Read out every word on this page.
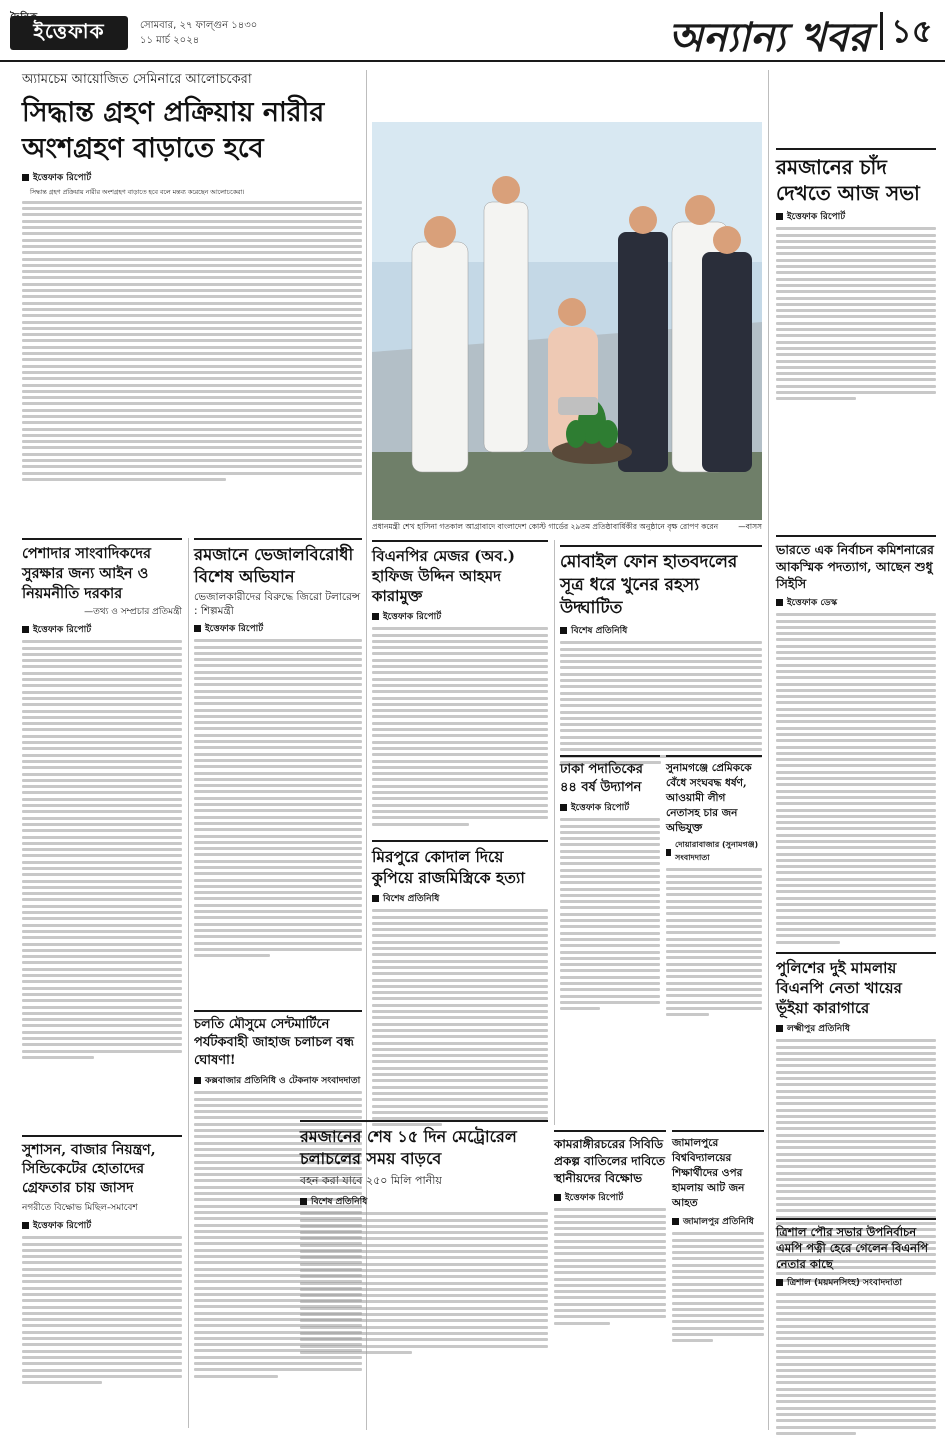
ইত্তেফাক	সোমবার, ২৭ ফাল্গুন ১৪৩০
১১ মার্চ ২০২৪	অন্যান্য খবর ১৫
অ্যামচেম আয়োজিত সেমিনারে আলোচকেরা
সিদ্ধান্ত গ্রহণ প্রক্রিয়ায় নারীর অংশগ্রহণ বাড়াতে হবে
ইত্তেফাক রিপোর্ট

সিদ্ধান্ত গ্রহণ প্রক্রিয়ায় নারীর অংশগ্রহণ বাড়াতে হবে বলে মন্তব্য করেছেন আলোচকেরা।

প্রধানমন্ত্রী শেখ হাসিনা গতকাল আগ্রাবাদে বাংলাদেশ কোস্ট গার্ডের ২৯তম প্রতিষ্ঠাবার্ষিকীর অনুষ্ঠানে বৃক্ষ রোপণ করেন	—বাসস
রমজানের চাঁদ দেখতে আজ সভা
ইত্তেফাক রিপোর্ট
ভারতে এক নির্বাচন কমিশনারের আকস্মিক পদত্যাগ, আছেন শুধু সিইসি
ইত্তেফাক ডেস্ক
পুলিশের দুই মামলায় বিএনপি নেতা খায়ের ভূঁইয়া কারাগারে
লক্ষ্মীপুর প্রতিনিধি
ত্রিশাল পৌর সভার উপনির্বাচন এমপি পত্নী হেরে গেলেন বিএনপি নেতার কাছে
ত্রিশাল (ময়মনসিংহ) সংবাদদাতা
পেশাদার সাংবাদিকদের সুরক্ষার জন্য আইন ও নিয়মনীতি দরকার
—তথ্য ও সম্প্রচার প্রতিমন্ত্রী
ইত্তেফাক রিপোর্ট
সুশাসন, বাজার নিয়ন্ত্রণ, সিন্ডিকেটের হোতাদের গ্রেফতার চায় জাসদ
নগরীতে বিক্ষোভ মিছিল-সমাবেশ
ইত্তেফাক রিপোর্ট
রমজানে ভেজালবিরোধী বিশেষ অভিযান
ভেজালকারীদের বিরুদ্ধে জিরো টলারেন্স : শিল্পমন্ত্রী
ইত্তেফাক রিপোর্ট
চলতি মৌসুমে সেন্টমার্টিনে পর্যটকবাহী জাহাজ চলাচল বন্ধ ঘোষণা!
কক্সবাজার প্রতিনিধি ও টেকনাফ সংবাদদাতা
বিএনপির মেজর (অব.) হাফিজ উদ্দিন আহমদ কারামুক্ত
ইত্তেফাক রিপোর্ট
মিরপুরে কোদাল দিয়ে কুপিয়ে রাজমিস্ত্রিকে হত্যা
বিশেষ প্রতিনিধি
রমজানের শেষ ১৫ দিন মেট্রোরেল চলাচলের সময় বাড়বে
বহন করা যাবে ২৫০ মিলি পানীয়
বিশেষ প্রতিনিধি
মোবাইল ফোন হাতবদলের সূত্র ধরে খুনের রহস্য উদ্ঘাটিত
বিশেষ প্রতিনিধি
ঢাকা পদাতিকের ৪৪ বর্ষ উদ্যাপন
ইত্তেফাক রিপোর্ট
সুনামগঞ্জে প্রেমিককে বেঁধে সংঘবদ্ধ ধর্ষণ, আওয়ামী লীগ নেতাসহ চার জন অভিযুক্ত
দোয়ারাবাজার (সুনামগঞ্জ) সংবাদদাতা
কামরাঙ্গীরচরের সিবিডি প্রকল্প বাতিলের দাবিতে স্থানীয়দের বিক্ষোভ
ইত্তেফাক রিপোর্ট
জামালপুরে বিশ্ববিদ্যালয়ের শিক্ষার্থীদের ওপর হামলায় আট জন আহত
জামালপুর প্রতিনিধি
